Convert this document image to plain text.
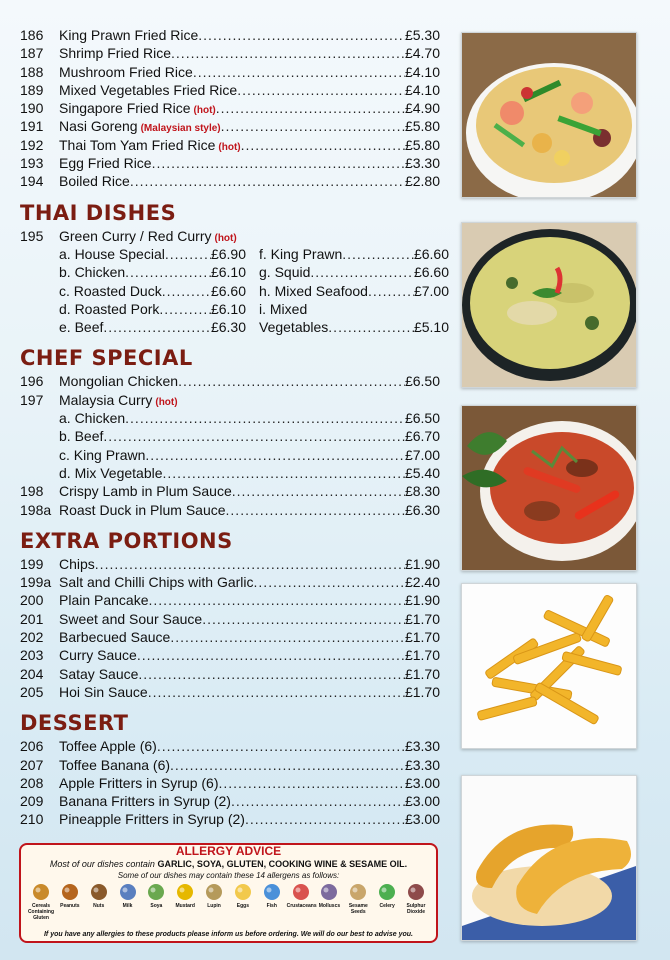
186	King Prawn Fried Rice .....	£5.30
187	Shrimp Fried Rice .....	£4.70
188	Mushroom Fried Rice .....	£4.10
189	Mixed Vegetables Fried Rice .....	£4.10
190	Singapore Fried Rice (hot) .....	£4.90
191	Nasi Goreng (Malaysian style) .....	£5.80
192	Thai Tom Yam Fried Rice (hot) .....	£5.80
193	Egg Fried Rice .....	£3.30
194	Boiled Rice .....	£2.80
THAI DISHES
195	Green Curry / Red Curry (hot)
a. House Special .....	£6.90
b. Chicken .....	£6.10
c. Roasted Duck .....	£6.60
d. Roasted Pork .....	£6.10
e. Beef .....	£6.30
f. King Prawn .....	£6.60
g. Squid .....	£6.60
h. Mixed Seafood .....	£7.00
i. Mixed
Vegetables .....	£5.10
CHEF SPECIAL
196	Mongolian Chicken .....	£6.50
197	Malaysia Curry (hot)
a. Chicken .....	£6.50
b. Beef .....	£6.70
c. King Prawn .....	£7.00
d. Mix Vegetable .....	£5.40
198	Crispy Lamb in Plum Sauce .....	£8.30
198a Roast Duck in Plum Sauce .....	£6.30
EXTRA PORTIONS
199	Chips .....	£1.90
199a Salt and Chilli Chips with Garlic .....	£2.40
200	Plain Pancake .....	£1.90
201	Sweet and Sour Sauce .....	£1.70
202	Barbecued Sauce .....	£1.70
203	Curry Sauce .....	£1.70
204	Satay Sauce .....	£1.70
205	Hoi Sin Sauce .....	£1.70
DESSERT
206	Toffee Apple (6) .....	£3.30
207	Toffee Banana (6) .....	£3.30
208	Apple Fritters in Syrup (6) .....	£3.00
209	Banana Fritters in Syrup (2) .....	£3.00
210	Pineapple Fritters in Syrup (2) .....	£3.00
ALLERGY ADVICE
Most of our dishes contain GARLIC, SOYA, GLUTEN, COOKING WINE & SESAME OIL.
Some of our dishes may contain these 14 allergens as follows:
Cereals Containing Gluten
Peanuts	Nuts	Milk	Soya	Mustard	Lupin	Eggs	Fish	Crustaceans Molluscs	Sesame Seeds
Celery	Sulphur Dioxide
If you have any allergies to these products please inform us before ordering. We will do our best to advise you.
